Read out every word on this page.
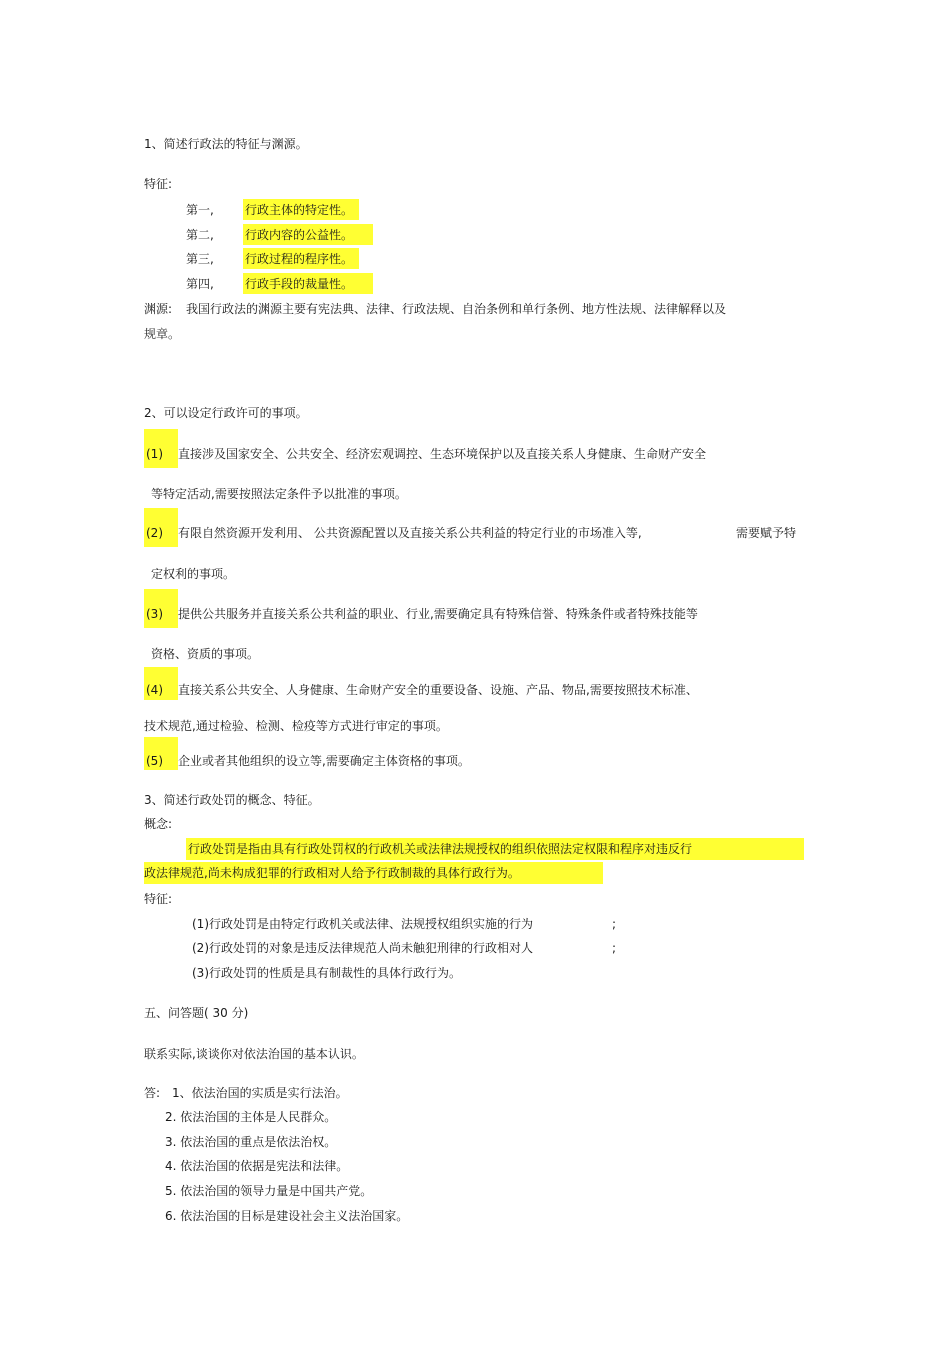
1、简述行政法的特征与渊源。
特征:
第一,	行政主体的特定性。
第二,	行政内容的公益性。
第三,	行政过程的程序性。
第四,	行政手段的裁量性。
渊源: 我国行政法的渊源主要有宪法典、法律、行政法规、自治条例和单行条例、地方性法规、法律解释以及
规章。
2、可以设定行政许可的事项。
(1) 直接涉及国家安全、公共安全、经济宏观调控、生态环境保护以及直接关系人身健康、生命财产安全
等特定活动,需要按照法定条件予以批准的事项。
(2) 有限自然资源开发利用、 公共资源配置以及直接关系公共利益的特定行业的市场准入等,	需要赋予特
定权利的事项。
(3) 提供公共服务并直接关系公共利益的职业、行业,需要确定具有特殊信誉、特殊条件或者特殊技能等
资格、资质的事项。
(4) 直接关系公共安全、人身健康、生命财产安全的重要设备、设施、产品、物品,需要按照技术标准、
技术规范,通过检验、检测、检疫等方式进行审定的事项。
(5) 企业或者其他组织的设立等,需要确定主体资格的事项。
3、简述行政处罚的概念、特征。
概念:
行政处罚是指由具有行政处罚权的行政机关或法律法规授权的组织依照法定权限和程序对违反行
政法律规范,尚未构成犯罪的行政相对人给予行政制裁的具体行政行为。
特征:
(1)行政处罚是由特定行政机关或法律、法规授权组织实施的行为	;
(2)行政处罚的对象是违反法律规范人尚未触犯刑律的行政相对人	;
(3)行政处罚的性质是具有制裁性的具体行政行为。
五、问答题( 30 分)
联系实际,谈谈你对依法治国的基本认识。
答: 1、依法治国的实质是实行法治。
2. 依法治国的主体是人民群众。
3. 依法治国的重点是依法治权。
4. 依法治国的依据是宪法和法律。
5. 依法治国的领导力量是中国共产党。
6. 依法治国的目标是建设社会主义法治国家。
